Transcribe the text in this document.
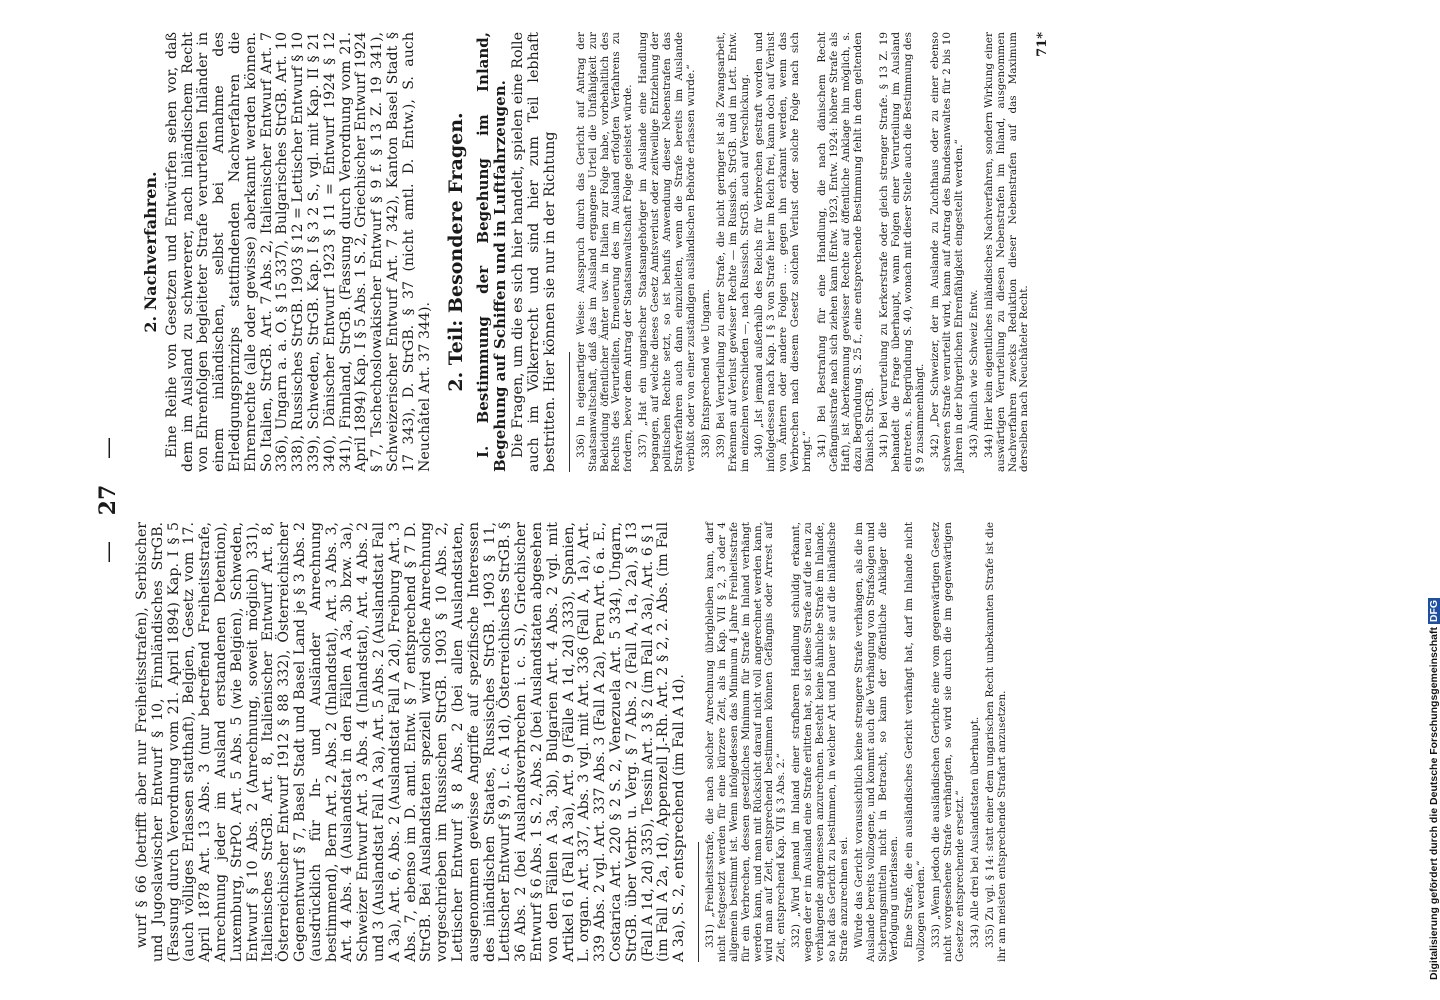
— 27 —

wurf § 66 (betrifft aber nur Freiheitsstrafen), Serbischer und Jugoslawischer Entwurf § 10, Finnländisches StrGB. (Fassung durch Verordnung vom 21. April 1894) Kap. I § 5 (auch völliges Erlassen statthaft), Belgien, Gesetz vom 17. April 1878 Art. 13 Abs. 3 (nur betreffend Freiheitsstrafe, Anrechnung jeder im Ausland erstandenen Detention), Luxemburg, StrPO. Art. 5 Abs. 5 (wie Belgien), Schweden, Entwurf § 10 Abs. 2 (Anrechnung, soweit möglich) 331), Italienisches StrGB. Art. 8, Italienischer Entwurf Art. 8, Österreichischer Entwurf 1912 § 88 332), Österreichischer Gegenentwurf § 7, Basel Stadt und Basel Land je § 3 Abs. 2 (ausdrücklich für In- und Ausländer Anrechnung bestimmend), Bern Art. 2 Abs. 2 (Inlandstat), Art. 3 Abs. 3, Art. 4 Abs. 4 (Auslandstat in den Fällen A 3a, 3b bzw. 3a), Schweizer Entwurf Art. 3 Abs. 4 (Inlandstat), Art. 4 Abs. 2 und 3 (Auslandstat Fall A 3a), Art. 5 Abs. 2 (Auslandstat Fall A 3a), Art. 6, Abs. 2 (Auslandstat Fall A 2d), Freiburg Art. 3 Abs. 7, ebenso im D. amtl. Entw. § 7 entsprechend § 7 D. StrGB. Bei Auslandstaten speziell wird solche Anrechnung vorgeschrieben im Russischen StrGB. 1903 § 10 Abs. 2, Lettischer Entwurf § 8 Abs. 2 (bei allen Auslandstaten, ausgenommen gewisse Angriffe auf spezifische Interessen des inländischen Staates, Russisches StrGB. 1903 § 11, Lettischer Entwurf § 9, l. c. A 1d), Österreichisches StrGB. § 36 Abs. 2 (bei Auslandsverbrechen i. c. S.), Griechischer Entwurf § 6 Abs. 1 S. 2, Abs. 2 (bei Auslandstaten abgesehen von den Fällen A 3a, 3b), Bulgarien Art. 4 Abs. 2 vgl. mit Artikel 61 (Fall A 3a), Art. 9 (Fälle A 1d, 2d) 333), Spanien, L. organ. Art. 337, Abs. 3 vgl. mit Art. 336 (Fall A, 1a), Art. 339 Abs. 2 vgl. Art. 337 Abs. 3 (Fall A 2a), Peru Art. 6 a. E., Costarica Art. 220 § 2 S. 2, Venezuela Art. 5 334), Ungarn, StrGB. über Verbr. u. Verg. § 7 Abs. 2 (Fall A, 1a, 2a), § 13 (Fall A 1d, 2d) 335), Tessin Art. 3 § 2 (im Fall A 3a), Art. 6 § 1 (im Fall A 2a, 1d), Appenzell J.-Rh. Art. 2 § 2, 2. Abs. (im Fall A 3a), S. 2, entsprechend (im Fall A 1d). 331) „Freiheitsstrafe, die nach solcher Anrechnung übrigbleiben kann, darf nicht festgesetzt werden für eine kürzere Zeit, als in Kap. VII § 2, 3 oder 4 allgemein bestimmt ist. Wenn infolgedessen das Minimum 4 Jahre Freiheitsstrafe für ein Verbrechen, dessen gesetzliches Minimum für Strafe im Inland verhängt werden kann, und man mit Rücksicht darauf nicht voll angerechnet werden kann, wird man auf Zeit, entsprechend bestimmen können Gefängnis oder Arrest auf Zeit, entsprechend Kap. VII § 3 Abs. 2.“ 332) „Wird jemand im Inland einer strafbaren Handlung schuldig erkannt, wegen der er im Ausland eine Strafe erlitten hat, so ist diese Strafe auf die neu zu verhängende angemessen anzurechnen. Besteht keine ähnliche Strafe im Inlande, so hat das Gericht zu bestimmen, in welcher Art und Dauer sie auf die inländische Strafe anzurechnen sei. Würde das Gericht voraussichtlich keine strengere Strafe verhängen, als die im Auslande bereits vollzogene, und kommt auch die Verhängung von Strafsolgen und Sicherungsmitteln nicht in Betracht, so kann der öffentliche Ankläger die Verfolgung unterlassen. Eine Strafe, die ein ausländisches Gericht verhängt hat, darf im Inlande nicht vollzogen werden.“ 333) „Wenn jedoch die ausländischen Gerichte eine vom gegenwärtigen Gesetz nicht vorgesehene Strafe verhängten, so wird sie durch die im gegenwärtigen Gesetze entsprechende ersetzt.“ 334) Alle drei bei Auslandstaten überhaupt. 335) Zu vgl. § 14: statt einer dem ungarischen Recht unbekannten Strafe ist die ihr am meisten entsprechende Strafart anzusetzen.

2. Nachverfahren. Eine Reihe von Gesetzen und Entwürfen sehen vor, daß dem im Ausland zu schwererer, nach inländischem Recht von Ehrenfolgen begleiteter Strafe verurteilten Inländer in einem inländischen, selbst bei Annahme des Erledigungsprinzips stattfindenden Nachverfahren die Ehrenrechte (alle oder gewisse) aberkannt werden können. So Italien, StrGB. Art. 7 Abs. 2, Italienischer Entwurf Art. 7 336), Ungarn a. a. O. § 15 337), Bulgarisches StrGB. Art. 10 338), Russisches StrGB. 1903 § 12 = Lettischer Entwurf § 10 339), Schweden, StrGB. Kap. I § 3 2 S., vgl. mit Kap. II § 21 340), Dänischer Entwurf 1923 § 11 = Entwurf 1924 § 12 341), Finnland, StrGB. (Fassung durch Verordnung vom 21. April 1894) Kap. I § 5 Abs. 1 S. 2, Griechischer Entwurf 1924 § 7, Tschechoslowakischer Entwurf § 9 f. § 13 Z. 19 341), Schweizerischer Entwurf Art. 7 342), Kanton Basel Stadt § 17 343), D. StrGB. § 37 (nicht amtl. D. Entw.), S. auch Neuchâtel Art. 37 344). 2. Teil: Besondere Fragen. I. Bestimmung der Begehung im Inland, Begehung auf Schiffen und in Luftfahrzeugen. Die Fragen, um die es sich hier handelt, spielen eine Rolle auch im Völkerrecht und sind hier zum Teil lebhaft bestritten. Hier können sie nur in der Richtung 336) In eigenartiger Weise: Ausspruch durch das Gericht auf Antrag der Staatsanwaltschaft, daß das im Ausland ergangene Urteil die Unfähigkeit zur Bekleidung öffentlicher Ämter usw. in Italien zur Folge habe, vorbehaltlich des Rechts des Verurteilten, Erneuerung des im Ausland erfolgten Verfahrens zu fordern, bevor dem Antrag der Staatsanwaltschaft Folge geleistet würde. 337) „Hat ein ungarischer Staatsangehöriger im Auslande eine Handlung begangen, auf welche dieses Gesetz Amtsverlust oder zeitweilige Entziehung der politischen Rechte setzt, so ist behufs Anwendung dieser Nebenstrafen das Strafverfahren auch dann einzuleiten, wenn die Strafe bereits im Auslande verbüßt oder von einer zuständigen ausländischen Behörde erlassen wurde.“ 338) Entsprechend wie Ungarn. 339) Bei Verurteilung zu einer Strafe, die nicht geringer ist als Zwangsarbeit, Erkennen auf Verlust gewisser Rechte — im Russisch. StrGB. und im Lett. Entw. im einzelnen verschieden —, nach Russisch. StrGB. auch auf Verschickung. 340) „Ist jemand außerhalb des Reichs für Verbrechen gestraft worden und infolgedessen nach Kap. I § 3 von Strafe hier im Reich frei, kann doch auf Verlust von Ämtern oder andere Folgen ... gegen ihn erkannt werden, wenn das Verbrechen nach diesem Gesetz solchen Verlust oder solche Folge nach sich bringt.“ 341) Bei Bestrafung für eine Handlung, die nach dänischem Recht Gefängnisstrafe nach sich ziehen kann (Entw. 1923, Entw. 1924: höhere Strafe als Haft), ist Aberkennung gewisser Rechte auf öffentliche Anklage hin möglich, s. dazu Begründung S. 25 f., eine entsprechende Bestimmung fehlt in dem geltenden Dänisch. StrGB. 341) Bei Verurteilung zu Kerkerstrafe oder gleich strenger Strafe. § 13 Z. 19 behandelt die Frage überhaupt, wann Folgen einer Verurteilung im Ausland eintreten, s. Begründung S. 40, wonach mit dieser Stelle auch die Bestimmung des § 9 zusammenhängt. 342) „Der Schweizer, der im Auslande zu Zuchthaus oder zu einer ebenso schweren Strafe verurteilt wird, kann auf Antrag des Bundesanwaltes für 2 bis 10 Jahren in der bürgerlichen Ehrenfähigkeit eingestellt werden.“ 343) Ähnlich wie Schweiz Entw. 344) Hier kein eigentliches inländisches Nachverfahren, sondern Wirkung einer auswärtigen Verurteilung zu diesen Nebenstrafen im Inland, ausgenommen Nachverfahren zwecks Reduktion dieser Nebenstrafen auf das Maximum derselben nach Neuchâteler Recht.

71*
Digitalisierung gefördert durch die Deutsche Forschungsgemeinschaft DFG
